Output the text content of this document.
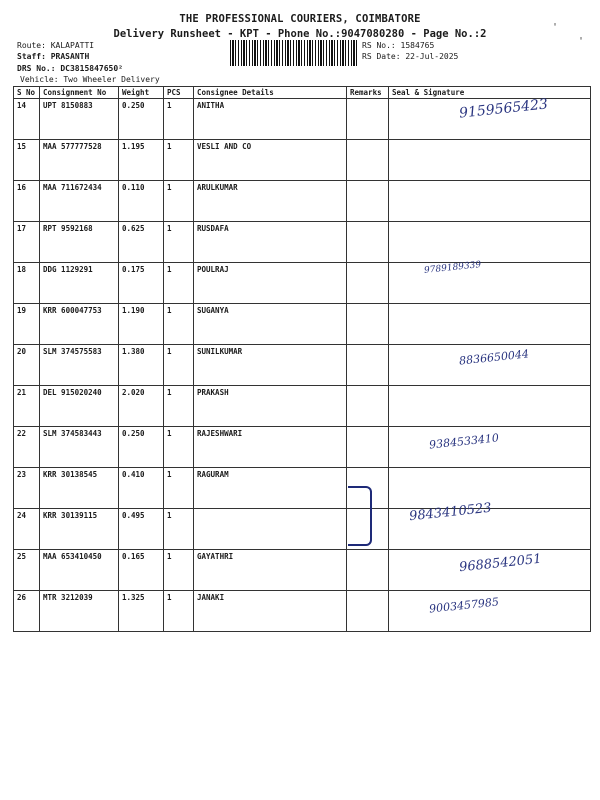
THE PROFESSIONAL COURIERS, COIMBATORE
Delivery Runsheet - KPT - Phone No.:9047080280 - Page No.:2
'
'
Route: KALAPATTI
Staff: PRASANTH
DRS No.: DC3815847650²
Vehicle: Two Wheeler Delivery
RS No.: 1584765
RS Date: 22-Jul-2025
S No	Consignment No	Weight	PCS	Consignee Details	Remarks	Seal & Signature
14	UPT 8150883	0.250	1	ANITHA		9159565423

15	MAA 577777528	1.195	1	VESLI AND CO		

16	MAA 711672434	0.110	1	ARULKUMAR		

17	RPT 9592168	0.625	1	RUSDAFA		

18	DDG 1129291	0.175	1	POULRAJ		9789189339

19	KRR 600047753	1.190	1	SUGANYA		

20	SLM 374575583	1.380	1	SUNILKUMAR		8836650044

21	DEL 915020240	2.020	1	PRAKASH		

22	SLM 374583443	0.250	1	RAJESHWARI		9384533410

23	KRR 30138545	0.410	1	RAGURAM		

24	KRR 30139115	0.495	1			9843410523

25	MAA 653410450	0.165	1	GAYATHRI		9688542051

26	MTR 3212039	1.325	1	JANAKI		9003457985
